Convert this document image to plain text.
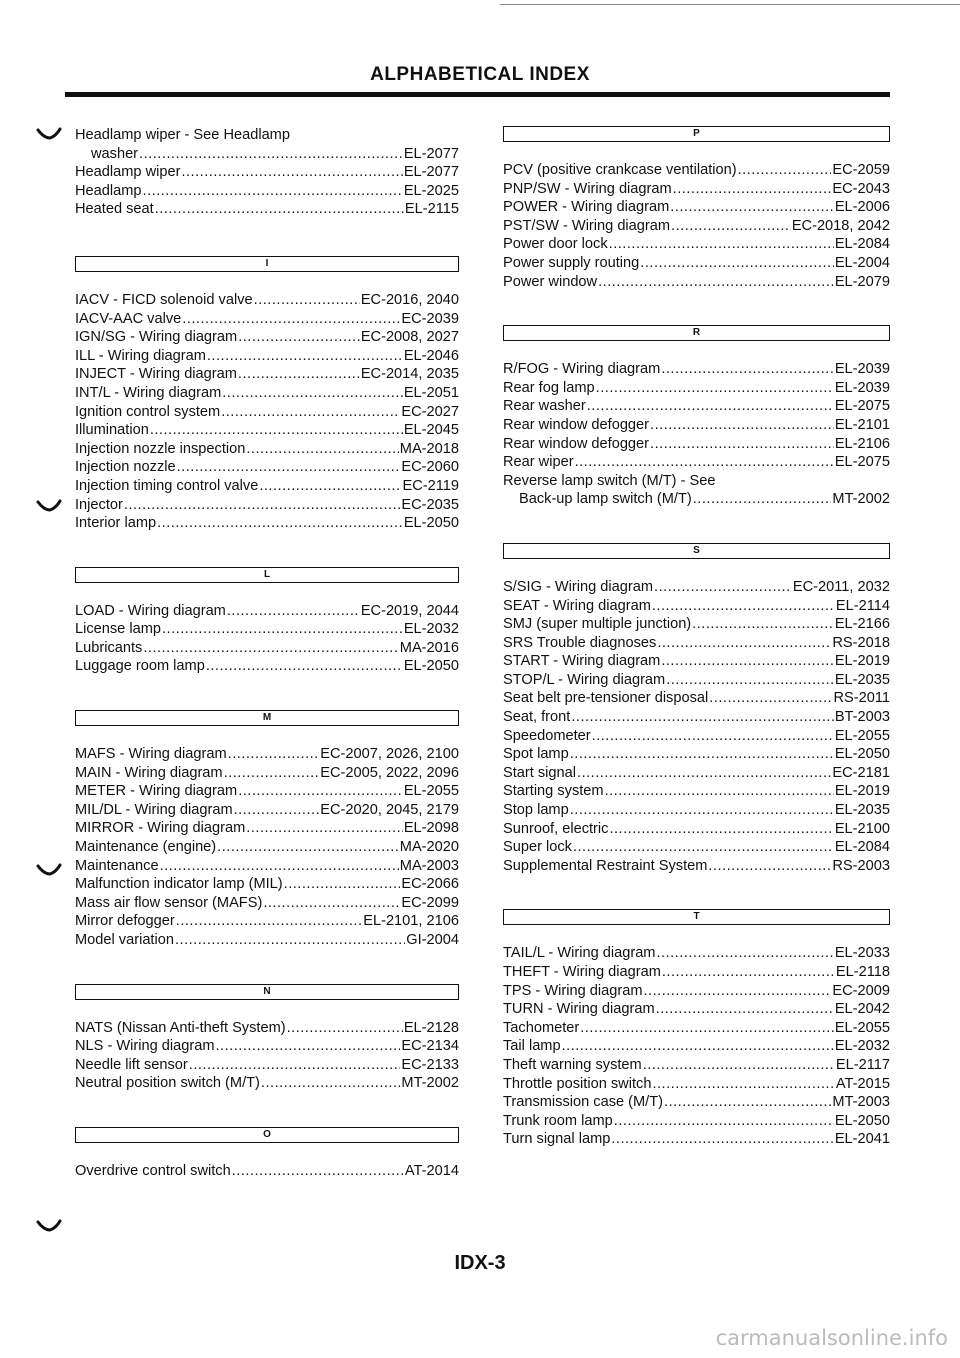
ALPHABETICAL INDEX
Headlamp wiper - See Headlamp
washer .....	EL-2077
Headlamp wiper .....	EL-2077
Headlamp .....	EL-2025
Heated seat .....	EL-2115
I
IACV - FICD solenoid valve .....	EC-2016, 2040
IACV-AAC valve .....	EC-2039
IGN/SG - Wiring diagram .....	EC-2008, 2027
ILL - Wiring diagram .....	EL-2046
INJECT - Wiring diagram .....	EC-2014, 2035
INT/L - Wiring diagram .....	EL-2051
Ignition control system .....	EC-2027
Illumination .....	EL-2045
Injection nozzle inspection .....	MA-2018
Injection nozzle .....	EC-2060
Injection timing control valve .....	EC-2119
Injector .....	EC-2035
Interior lamp .....	EL-2050
L
LOAD - Wiring diagram .....	EC-2019, 2044
License lamp .....	EL-2032
Lubricants .....	MA-2016
Luggage room lamp .....	EL-2050
M
MAFS - Wiring diagram .....	EC-2007, 2026, 2100
MAIN - Wiring diagram .....	EC-2005, 2022, 2096
METER - Wiring diagram .....	EL-2055
MIL/DL - Wiring diagram .....	EC-2020, 2045, 2179
MIRROR - Wiring diagram .....	EL-2098
Maintenance (engine) .....	MA-2020
Maintenance .....	MA-2003
Malfunction indicator lamp (MIL) .....	EC-2066
Mass air flow sensor (MAFS) .....	EC-2099
Mirror defogger .....	EL-2101, 2106
Model variation .....	GI-2004
N
NATS (Nissan Anti-theft System) .....	EL-2128
NLS - Wiring diagram .....	EC-2134
Needle lift sensor .....	EC-2133
Neutral position switch (M/T) .....	MT-2002
O
Overdrive control switch .....	AT-2014
P
PCV (positive crankcase ventilation) .....	EC-2059
PNP/SW - Wiring diagram .....	EC-2043
POWER - Wiring diagram .....	EL-2006
PST/SW - Wiring diagram .....	EC-2018, 2042
Power door lock .....	EL-2084
Power supply routing .....	EL-2004
Power window .....	EL-2079
R
R/FOG - Wiring diagram .....	EL-2039
Rear fog lamp .....	EL-2039
Rear washer .....	EL-2075
Rear window defogger .....	EL-2101
Rear window defogger .....	EL-2106
Rear wiper .....	EL-2075
Reverse lamp switch (M/T) - See
Back-up lamp switch (M/T) .....	MT-2002
S
S/SIG - Wiring diagram .....	EC-2011, 2032
SEAT - Wiring diagram .....	EL-2114
SMJ (super multiple junction) .....	EL-2166
SRS Trouble diagnoses .....	RS-2018
START - Wiring diagram .....	EL-2019
STOP/L - Wiring diagram .....	EL-2035
Seat belt pre-tensioner disposal .....	RS-2011
Seat, front .....	BT-2003
Speedometer .....	EL-2055
Spot lamp .....	EL-2050
Start signal .....	EC-2181
Starting system .....	EL-2019
Stop lamp .....	EL-2035
Sunroof, electric .....	EL-2100
Super lock .....	EL-2084
Supplemental Restraint System .....	RS-2003
T
TAIL/L - Wiring diagram .....	EL-2033
THEFT - Wiring diagram .....	EL-2118
TPS - Wiring diagram .....	EC-2009
TURN - Wiring diagram .....	EL-2042
Tachometer .....	EL-2055
Tail lamp .....	EL-2032
Theft warning system .....	EL-2117
Throttle position switch .....	AT-2015
Transmission case (M/T) .....	MT-2003
Trunk room lamp .....	EL-2050
Turn signal lamp .....	EL-2041
IDX-3
carmanualsonline.info
